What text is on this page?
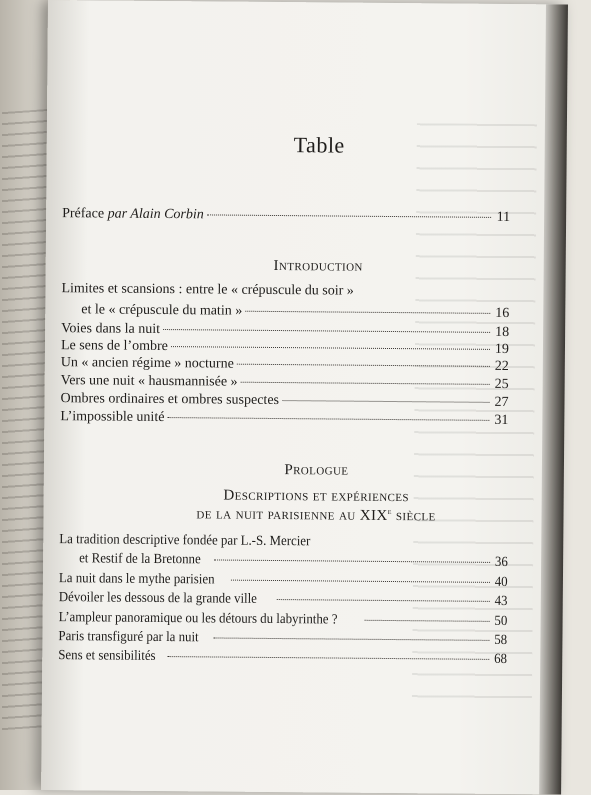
Table
Préface par Alain Corbin	11
Introduction
Limites et scansions : entre le « crépuscule du soir »
et le « crépuscule du matin »	16
Voies dans la nuit	18
Le sens de l’ombre	19
Un « ancien régime » nocturne	22
Vers une nuit « hausmannisée »	25
Ombres ordinaires et ombres suspectes	27
L’impossible unité	31
Prologue
Descriptions et expériences
de la nuit parisienne au XIXe siècle
La tradition descriptive fondée par L.-S. Mercier
et Restif de la Bretonne	36
La nuit dans le mythe parisien	40
Dévoiler les dessous de la grande ville	43
L’ampleur panoramique ou les détours du labyrinthe ?	50
Paris transfiguré par la nuit	58
Sens et sensibilités	68
